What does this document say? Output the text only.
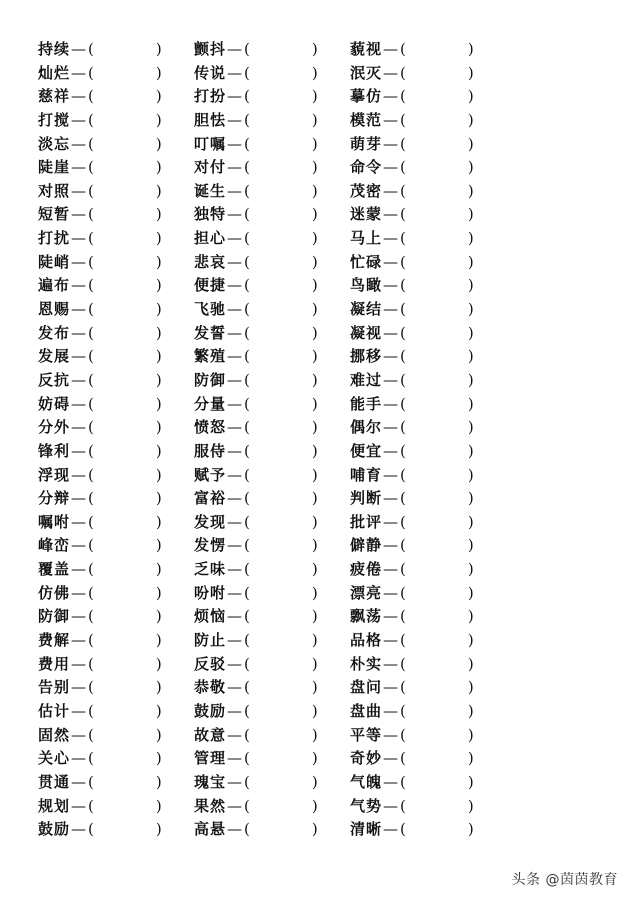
持续— (	) 颤抖— (	) 藐视— (	)
灿烂— (	) 传说— (	) 泯灭— (	)
慈祥— (	) 打扮— (	) 摹仿— (	)
打搅— (	) 胆怯— (	) 模范— (	)
淡忘— (	) 叮嘱— (	) 萌芽— (	)
陡崖— (	) 对付— (	) 命令— (	)
对照— (	) 诞生— (	) 茂密— (	)
短暂— (	) 独特— (	) 迷蒙— (	)
打扰— (	) 担心— (	) 马上— (	)
陡峭— (	) 悲哀— (	) 忙碌— (	)
遍布— (	) 便捷— (	) 鸟瞰— (	)
恩赐— (	) 飞驰— (	) 凝结— (	)
发布— (	) 发誓— (	) 凝视— (	)
发展— (	) 繁殖— (	) 挪移— (	)
反抗— (	) 防御— (	) 难过— (	)
妨碍— (	) 分量— (	) 能手— (	)
分外— (	) 愤怒— (	) 偶尔— (	)
锋利— (	) 服侍— (	) 便宜— (	)
浮现— (	) 赋予— (	) 哺育— (	)
分辩— (	) 富裕— (	) 判断— (	)
嘱咐— (	) 发现— (	) 批评— (	)
峰峦— (	) 发愣— (	) 僻静— (	)
覆盖— (	) 乏味— (	) 疲倦— (	)
仿佛— (	) 吩咐— (	) 漂亮— (	)
防御— (	) 烦恼— (	) 飘荡— (	)
费解— (	) 防止— (	) 品格— (	)
费用— (	) 反驳— (	) 朴实— (	)
告别— (	) 恭敬— (	) 盘问— (	)
估计— (	) 鼓励— (	) 盘曲— (	)
固然— (	) 故意— (	) 平等— (	)
关心— (	) 管理— (	) 奇妙— (	)
贯通— (	) 瑰宝— (	) 气魄— (	)
规划— (	) 果然— (	) 气势— (	)
鼓励— (	) 高悬— (	) 清晰— (	)
头条 @茵茵教育
